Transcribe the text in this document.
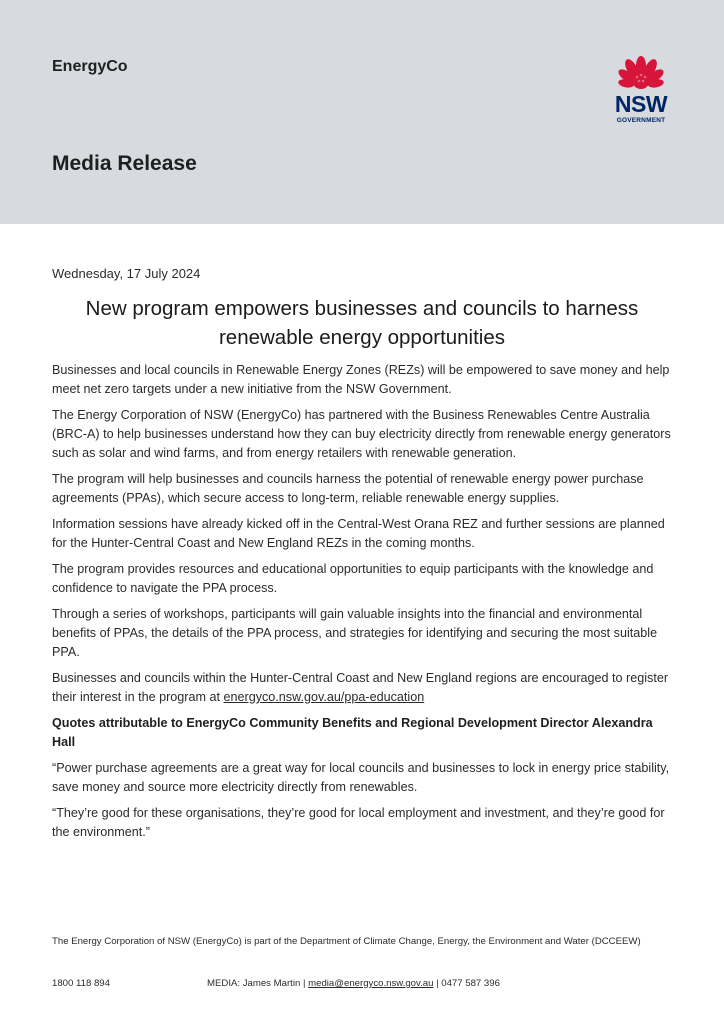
EnergyCo
Media Release
NSW
GOVERNMENT
Wednesday, 17 July 2024
New program empowers businesses and councils to harness renewable energy opportunities

Businesses and local councils in Renewable Energy Zones (REZs) will be empowered to save money and help meet net zero targets under a new initiative from the NSW Government.

The Energy Corporation of NSW (EnergyCo) has partnered with the Business Renewables Centre Australia (BRC-A) to help businesses understand how they can buy electricity directly from renewable energy generators such as solar and wind farms, and from energy retailers with renewable generation.

The program will help businesses and councils harness the potential of renewable energy power purchase agreements (PPAs), which secure access to long-term, reliable renewable energy supplies.

Information sessions have already kicked off in the Central-West Orana REZ and further sessions are planned for the Hunter-Central Coast and New England REZs in the coming months.

The program provides resources and educational opportunities to equip participants with the knowledge and confidence to navigate the PPA process.

Through a series of workshops, participants will gain valuable insights into the financial and environmental benefits of PPAs, the details of the PPA process, and strategies for identifying and securing the most suitable PPA.

Businesses and councils within the Hunter-Central Coast and New England regions are encouraged to register their interest in the program at energyco.nsw.gov.au/ppa-education

Quotes attributable to EnergyCo Community Benefits and Regional Development Director Alexandra Hall

“Power purchase agreements are a great way for local councils and businesses to lock in energy price stability, save money and source more electricity directly from renewables.

“They’re good for these organisations, they’re good for local employment and investment, and they’re good for the environment.”

The Energy Corporation of NSW (EnergyCo) is part of the Department of Climate Change, Energy, the Environment and Water (DCCEEW)
1800 118 894	MEDIA: James Martin | media@energyco.nsw.gov.au | 0477 587 396
